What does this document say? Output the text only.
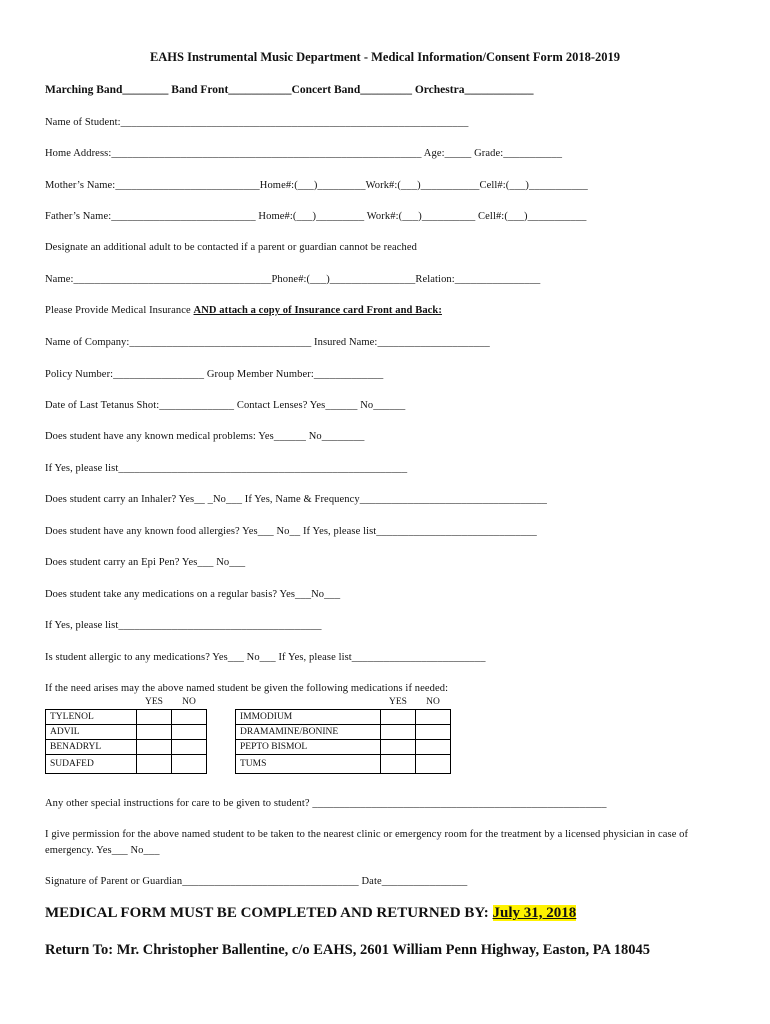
EAHS Instrumental Music Department - Medical Information/Consent Form 2018-2019
Marching Band________ Band Front___________Concert Band_________ Orchestra____________
Name of Student:_________________________________________________________________
Home Address:__________________________________________________________ Age:_____ Grade:___________
Mother’s Name:___________________________Home#:(___)_________Work#:(___)___________Cell#:(___)___________
Father’s Name:___________________________ Home#:(___)_________ Work#:(___)__________ Cell#:(___)___________
Designate an additional adult to be contacted if a parent or guardian cannot be reached
Name:_____________________________________Phone#:(___)________________Relation:________________
Please Provide Medical Insurance AND attach a copy of Insurance card Front and Back:
Name of Company:__________________________________ Insured Name:_____________________
Policy Number:_________________ Group Member Number:_____________
Date of Last Tetanus Shot:______________ Contact Lenses? Yes______ No______
Does student have any known medical problems: Yes______ No________
If Yes, please list______________________________________________________
Does student carry an Inhaler? Yes__ _No___ If Yes, Name & Frequency___________________________________
Does student have any known food allergies? Yes___ No__ If Yes, please list______________________________
Does student carry an Epi Pen? Yes___ No___
Does student take any medications on a regular basis? Yes___No___
If Yes, please list______________________________________
Is student allergic to any medications? Yes___ No___ If Yes, please list_________________________
If the need arises may the above named student be given the following medications if needed:
	YES	NO			YES	NO
TYLENOL				IMMODIUM		
ADVIL				DRAMAMINE/BONINE		
BENADRYL				PEPTO BISMOL		
SUDAFED				TUMS		
Any other special instructions for care to be given to student? _______________________________________________________
I give permission for the above named student to be taken to the nearest clinic or emergency room for the treatment by a licensed physician in case of
emergency. Yes___ No___
Signature of Parent or Guardian_________________________________ Date________________
MEDICAL FORM MUST BE COMPLETED AND RETURNED BY: July 31, 2018
Return To: Mr. Christopher Ballentine, c/o EAHS, 2601 William Penn Highway, Easton, PA 18045
